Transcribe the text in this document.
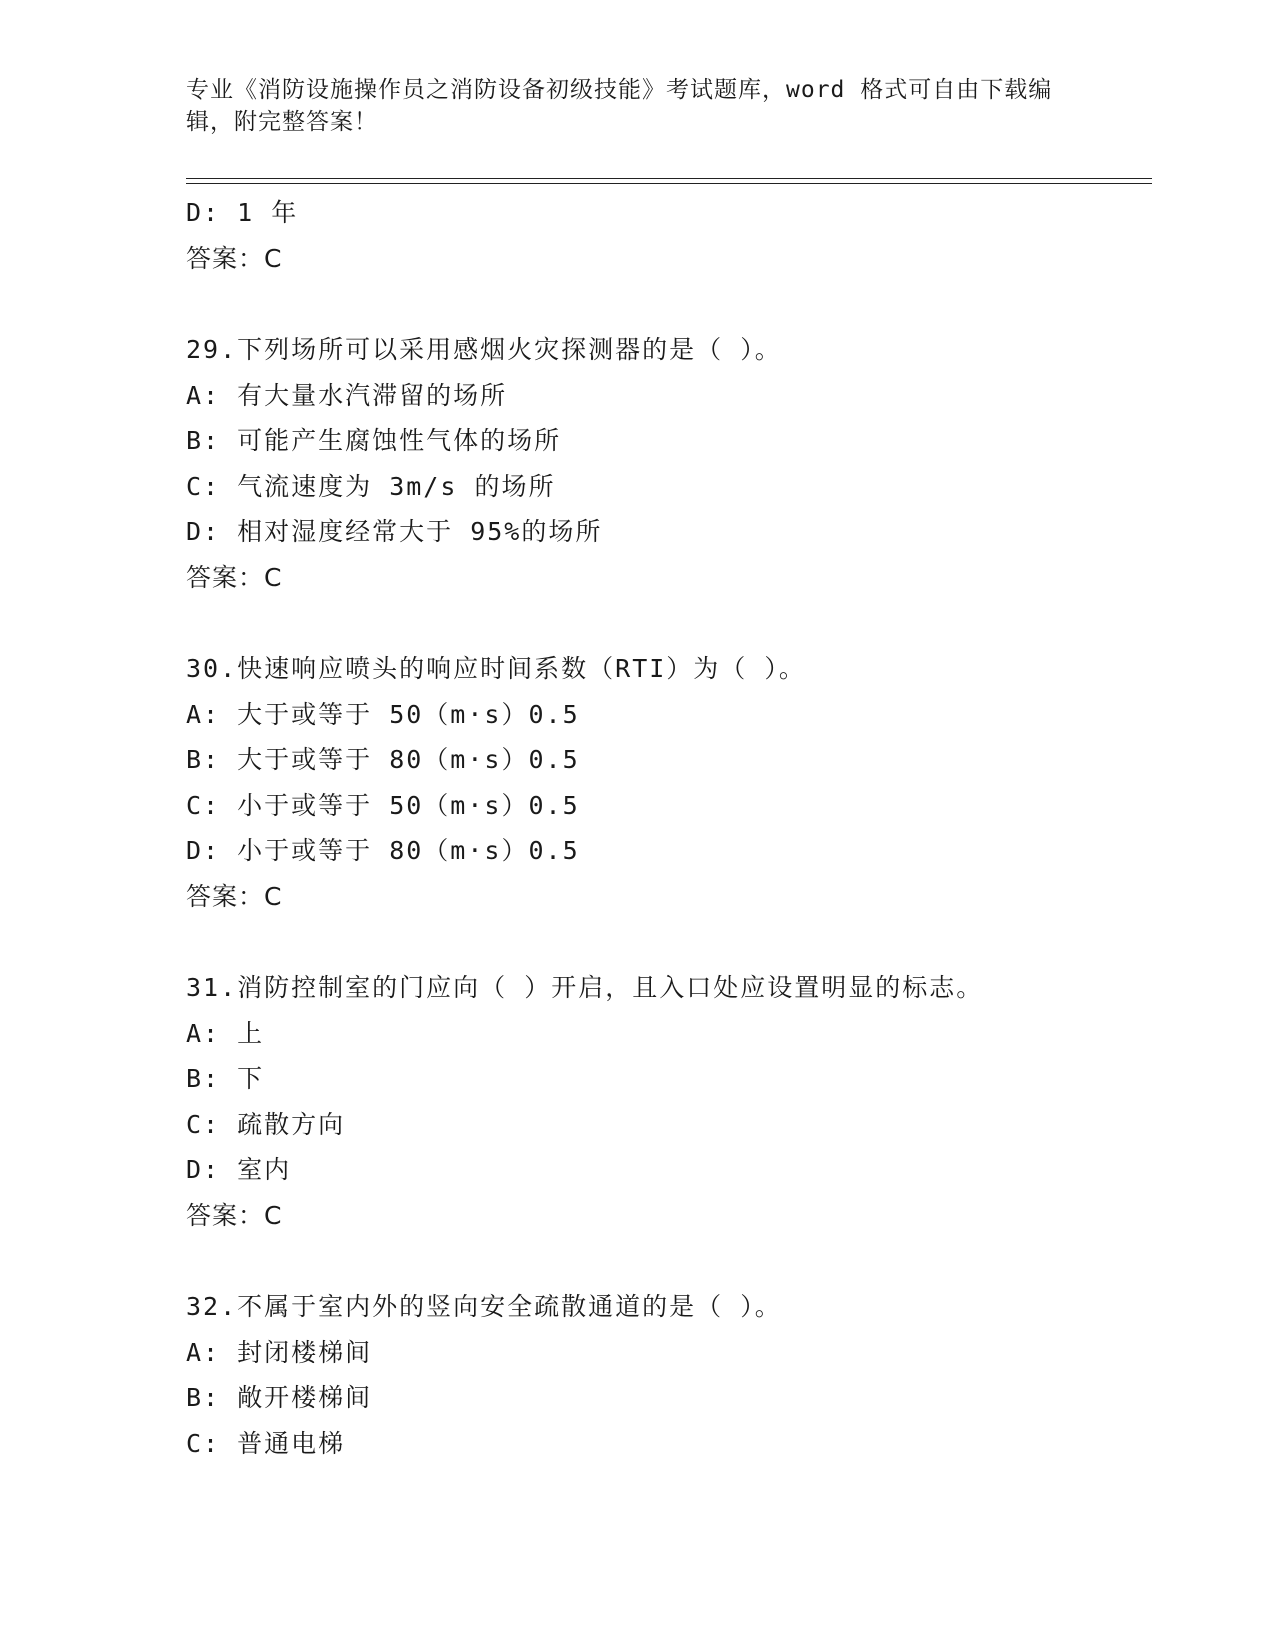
专业《消防设施操作员之消防设备初级技能》考试题库，word 格式可自由下载编
辑，附完整答案！
D: 1 年
答案：C
29.下列场所可以采用感烟火灾探测器的是（ ）。
A: 有大量水汽滞留的场所
B: 可能产生腐蚀性气体的场所
C: 气流速度为 3m/s 的场所
D: 相对湿度经常大于 95%的场所
答案：C
30.快速响应喷头的响应时间系数（RTI）为（ ）。
A: 大于或等于 50（m·s）0.5
B: 大于或等于 80（m·s）0.5
C: 小于或等于 50（m·s）0.5
D: 小于或等于 80（m·s）0.5
答案：C
31.消防控制室的门应向（ ）开启，且入口处应设置明显的标志。
A: 上
B: 下
C: 疏散方向
D: 室内
答案：C
32.不属于室内外的竖向安全疏散通道的是（ ）。
A: 封闭楼梯间
B: 敞开楼梯间
C: 普通电梯
